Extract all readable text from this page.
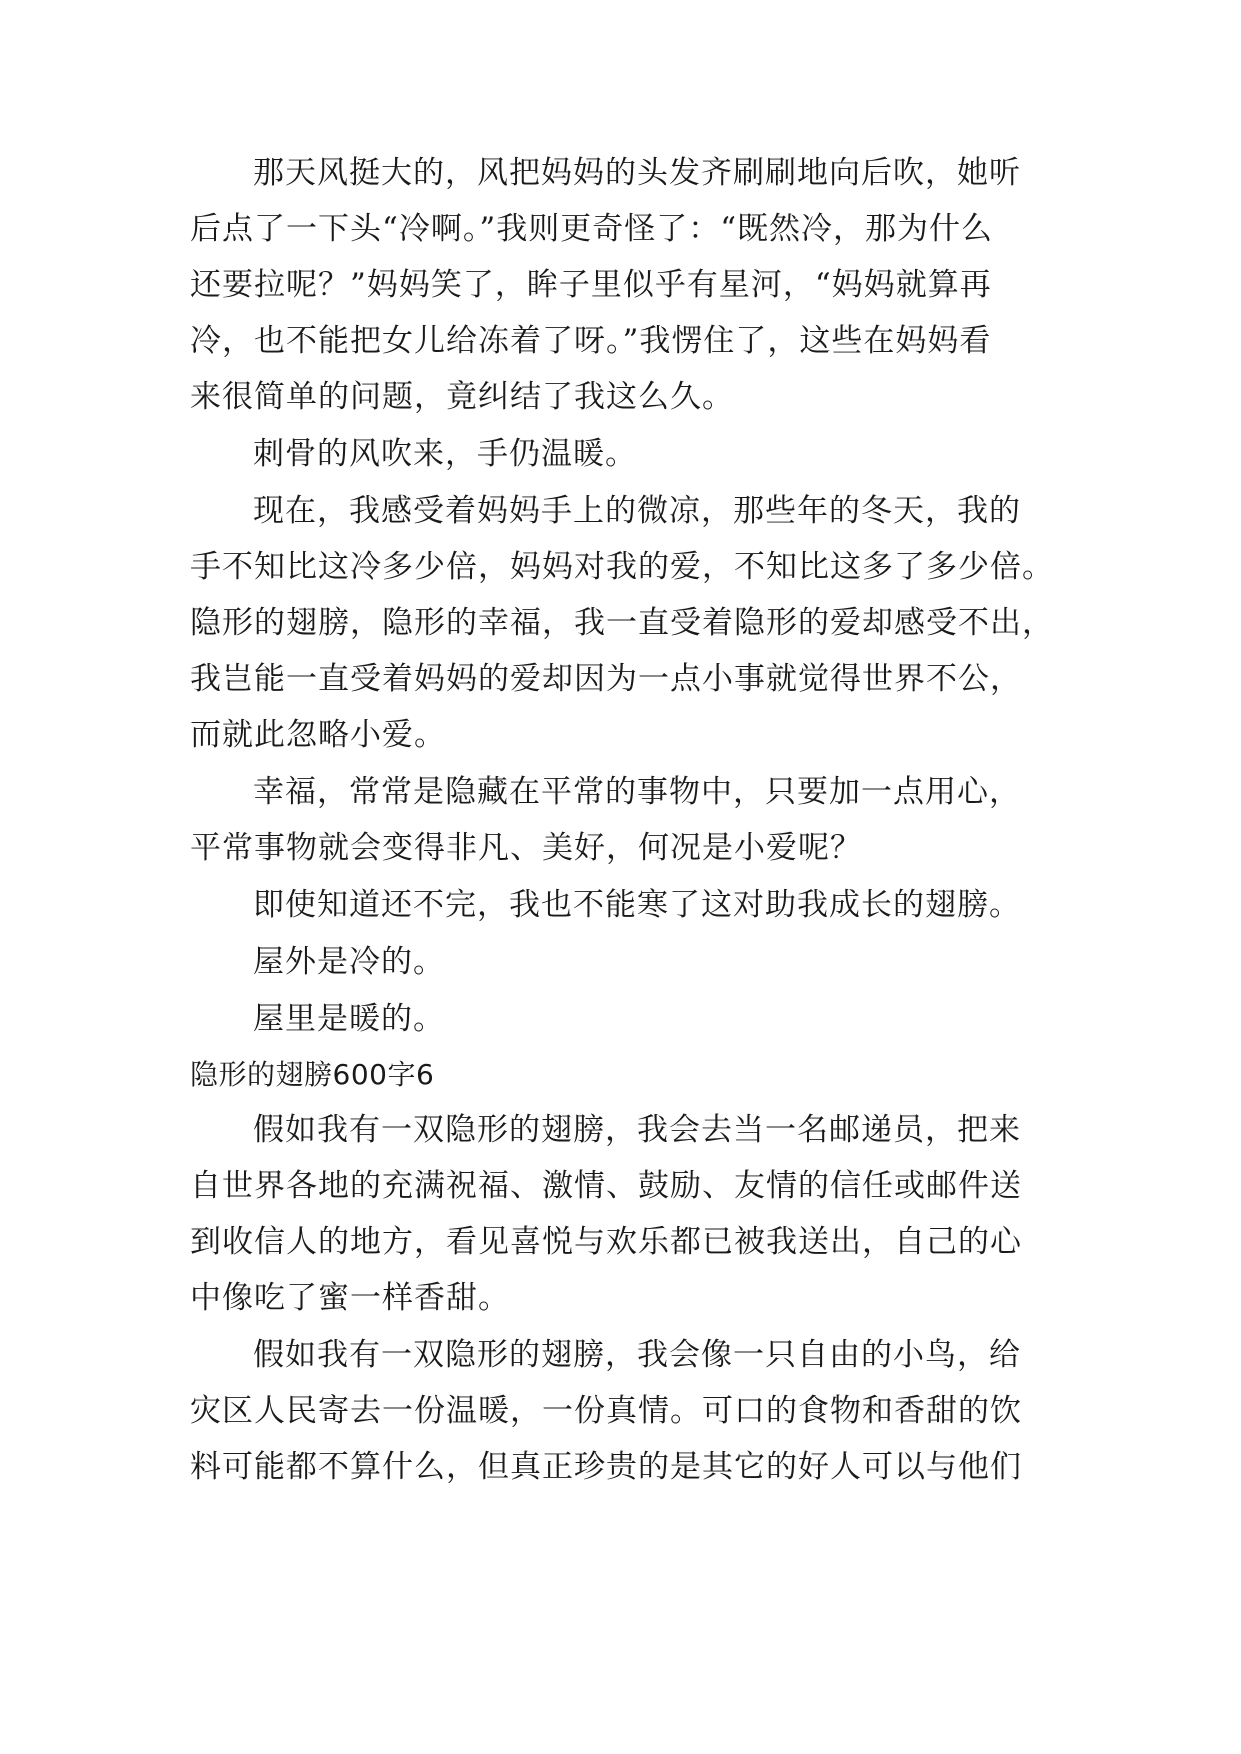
那天风挺大的，风把妈妈的头发齐刷刷地向后吹，她听
后点了一下头“冷啊。”我则更奇怪了：“既然冷，那为什么
还要拉呢？”妈妈笑了，眸子里似乎有星河，“妈妈就算再
冷，也不能把女儿给冻着了呀。”我愣住了，这些在妈妈看
来很简单的问题，竟纠结了我这么久。
刺骨的风吹来，手仍温暖。
现在，我感受着妈妈手上的微凉，那些年的冬天，我的
手不知比这冷多少倍，妈妈对我的爱，不知比这多了多少倍。
隐形的翅膀，隐形的幸福，我一直受着隐形的爱却感受不出，
我岂能一直受着妈妈的爱却因为一点小事就觉得世界不公，
而就此忽略小爱。
幸福，常常是隐藏在平常的事物中，只要加一点用心，
平常事物就会变得非凡、美好，何况是小爱呢？
即使知道还不完，我也不能寒了这对助我成长的翅膀。
屋外是冷的。
屋里是暖的。
隐形的翅膀600字6
假如我有一双隐形的翅膀，我会去当一名邮递员，把来
自世界各地的充满祝福、激情、鼓励、友情的信任或邮件送
到收信人的地方，看见喜悦与欢乐都已被我送出，自己的心
中像吃了蜜一样香甜。
假如我有一双隐形的翅膀，我会像一只自由的小鸟，给
灾区人民寄去一份温暖，一份真情。可口的食物和香甜的饮
料可能都不算什么，但真正珍贵的是其它的好人可以与他们
